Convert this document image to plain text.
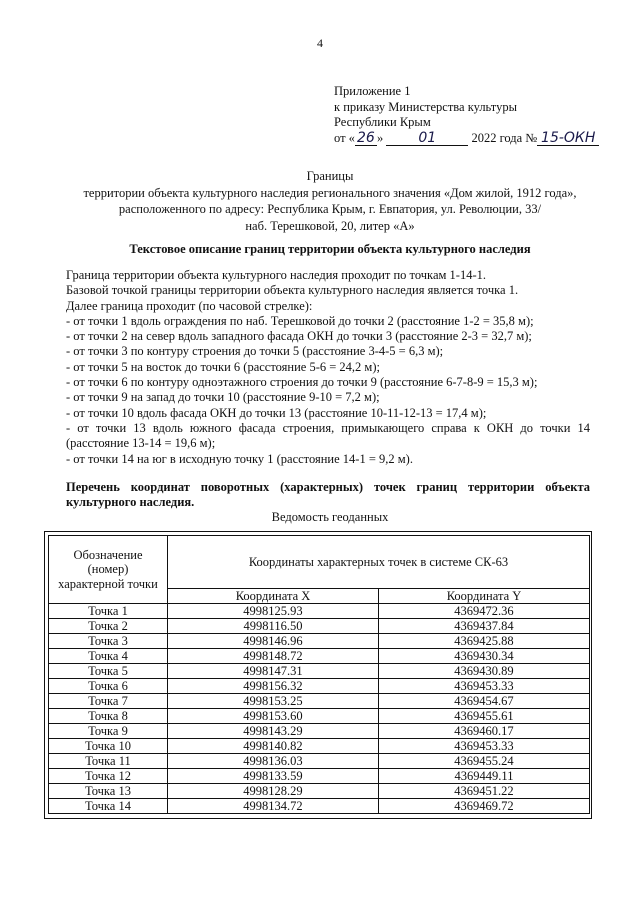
4
Приложение 1
к приказу Министерства культуры
Республики Крым
от « 26 »	01	2022 года № 15-ОКН
Границы
территории объекта культурного наследия регионального значения «Дом жилой, 1912 года»,
расположенного по адресу: Республика Крым, г. Евпатория, ул. Революции, 33/
наб. Терешковой, 20, литер «А»
Текстовое описание границ территории объекта культурного наследия

Граница территории объекта культурного наследия проходит по точкам 1-14-1.

Базовой точкой границы территории объекта культурного наследия является точка 1.

Далее граница проходит (по часовой стрелке):

- от точки 1 вдоль ограждения по наб. Терешковой до точки 2 (расстояние 1-2 = 35,8 м);

- от точки 2 на север вдоль западного фасада ОКН до точки 3 (расстояние 2-3 = 32,7 м);

- от точки 3 по контуру строения до точки 5 (расстояние 3-4-5 = 6,3 м);

- от точки 5 на восток до точки 6 (расстояние 5-6 = 24,2 м);

- от точки 6 по контуру одноэтажного строения до точки 9 (расстояние 6-7-8-9 = 15,3 м);

- от точки 9 на запад до точки 10 (расстояние 9-10 = 7,2 м);

- от точки 10 вдоль фасада ОКН до точки 13 (расстояние 10-11-12-13 = 17,4 м);

- от точки 13 вдоль южного фасада строения, примыкающего справа к ОКН до точки 14 (расстояние 13-14 = 19,6 м);

- от точки 14 на юг в исходную точку 1 (расстояние 14-1 = 9,2 м).

Перечень координат поворотных (характерных) точек границ территории объекта культурного наследия.
Ведомость геоданных
Обозначение
(номер)
характерной точки	Координаты характерных точек в системе СК-63	
	Координата X	Координата Y
Точка 1	4998125.93	4369472.36
Точка 2	4998116.50	4369437.84
Точка 3	4998146.96	4369425.88
Точка 4	4998148.72	4369430.34
Точка 5	4998147.31	4369430.89
Точка 6	4998156.32	4369453.33
Точка 7	4998153.25	4369454.67
Точка 8	4998153.60	4369455.61
Точка 9	4998143.29	4369460.17
Точка 10	4998140.82	4369453.33
Точка 11	4998136.03	4369455.24
Точка 12	4998133.59	4369449.11
Точка 13	4998128.29	4369451.22
Точка 14	4998134.72	4369469.72
